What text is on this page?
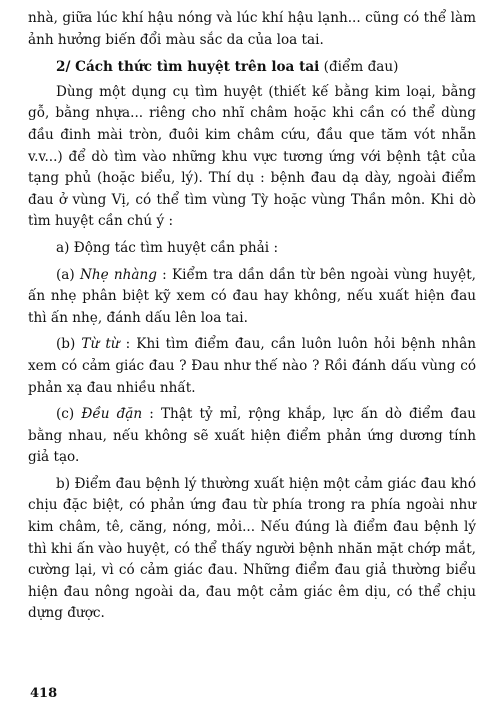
nhà, giữa lúc khí hậu nóng và lúc khí hậu lạnh... cũng có thể làm ảnh hưởng biến đổi màu sắc da của loa tai.

2/ Cách thức tìm huyệt trên loa tai (điểm đau)

Dùng một dụng cụ tìm huyệt (thiết kế bằng kim loại, bằng gỗ, bằng nhựa... riêng cho nhĩ châm hoặc khi cần có thể dùng đầu đinh mài tròn, đuôi kim châm cứu, đầu que tăm vót nhẵn v.v...) để dò tìm vào những khu vực tương ứng với bệnh tật của tạng phủ (hoặc biểu, lý). Thí dụ : bệnh đau dạ dày, ngoài điểm đau ở vùng Vị, có thể tìm vùng Tỳ hoặc vùng Thần môn. Khi dò tìm huyệt cần chú ý :

a) Động tác tìm huyệt cần phải :

(a) Nhẹ nhàng : Kiểm tra dần dần từ bên ngoài vùng huyệt, ấn nhẹ phân biệt kỹ xem có đau hay không, nếu xuất hiện đau thì ấn nhẹ, đánh dấu lên loa tai.

(b) Từ từ : Khi tìm điểm đau, cần luôn luôn hỏi bệnh nhân xem có cảm giác đau ? Đau như thế nào ? Rồi đánh dấu vùng có phản xạ đau nhiều nhất.

(c) Đều đặn : Thật tỷ mỉ, rộng khắp, lực ấn dò điểm đau bằng nhau, nếu không sẽ xuất hiện điểm phản ứng dương tính giả tạo.

b) Điểm đau bệnh lý thường xuất hiện một cảm giác đau khó chịu đặc biệt, có phản ứng đau từ phía trong ra phía ngoài như kim châm, tê, căng, nóng, mỏi... Nếu đúng là điểm đau bệnh lý thì khi ấn vào huyệt, có thể thấy người bệnh nhăn mặt chớp mắt, cường lại, vì có cảm giác đau. Những điểm đau giả thường biểu hiện đau nông ngoài da, đau một cảm giác êm dịu, có thể chịu dựng được.

418
